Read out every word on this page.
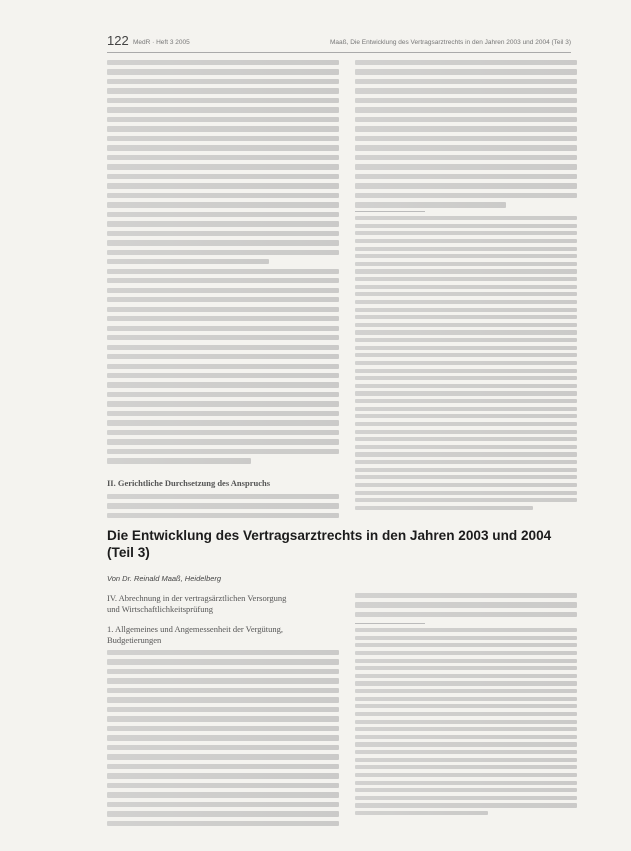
122 MedR · Heft 3 2005	Maaß, Die Entwicklung des Vertragsarztrechts in den Jahren 2003 und 2004 (Teil 3)
II. Gerichtliche Durchsetzung des Anspruchs
Die Entwicklung des Vertragsarztrechts in den Jahren 2003 und 2004 (Teil 3)
Von Dr. Reinald Maaß, Heidelberg
IV. Abrechnung in der vertragsärztlichen Versorgung und Wirtschaftlichkeitsprüfung
1. Allgemeines und Angemessenheit der Vergütung, Budgetierungen
